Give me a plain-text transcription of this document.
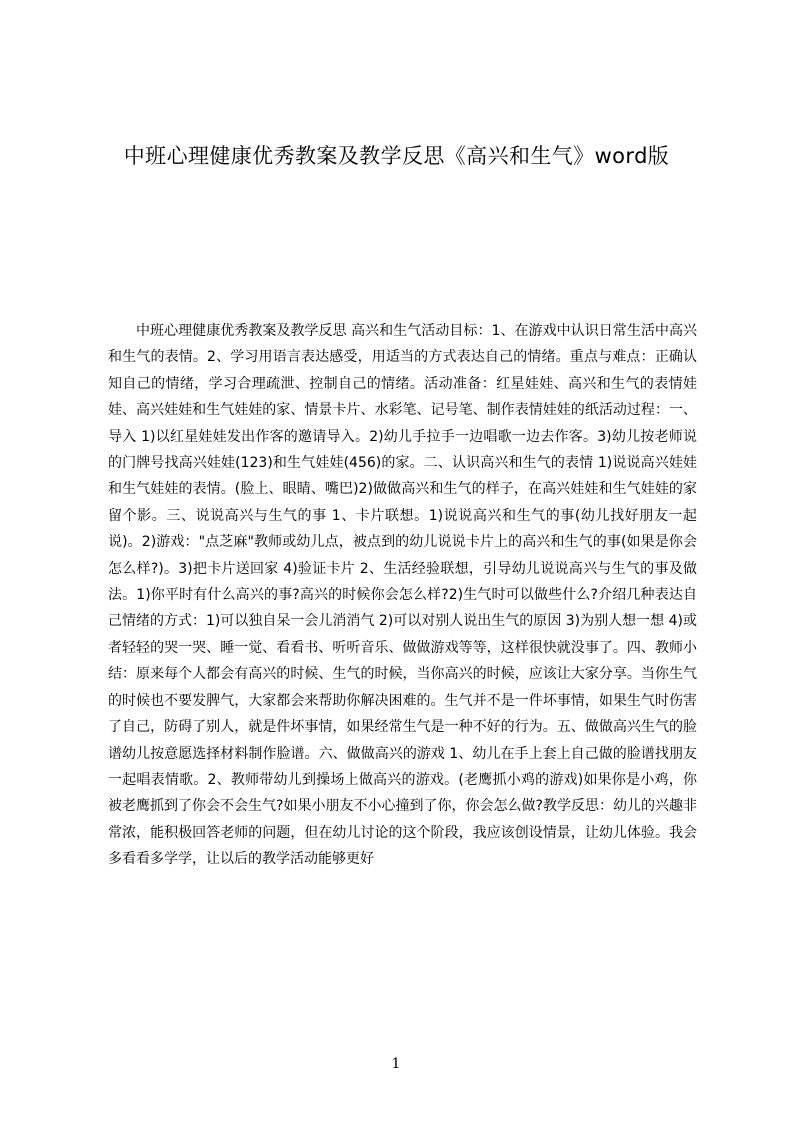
中班心理健康优秀教案及教学反思《高兴和生气》word版

中班心理健康优秀教案及教学反思 高兴和生气活动目标：1、在游戏中认识日常生活中高兴和生气的表情。2、学习用语言表达感受，用适当的方式表达自己的情绪。重点与难点：正确认知自己的情绪，学习合理疏泄、控制自己的情绪。活动准备：红星娃娃、高兴和生气的表情娃娃、高兴娃娃和生气娃娃的家、情景卡片、水彩笔、记号笔、制作表情娃娃的纸活动过程：一、导入 1)以红星娃娃发出作客的邀请导入。2)幼儿手拉手一边唱歌一边去作客。3)幼儿按老师说的门牌号找高兴娃娃(123)和生气娃娃(456)的家。二、认识高兴和生气的表情 1)说说高兴娃娃和生气娃娃的表情。(脸上、眼睛、嘴巴)2)做做高兴和生气的样子，在高兴娃娃和生气娃娃的家留个影。三、说说高兴与生气的事 1、卡片联想。1)说说高兴和生气的事(幼儿找好朋友一起说)。2)游戏："点芝麻"教师或幼儿点，被点到的幼儿说说卡片上的高兴和生气的事(如果是你会怎么样?)。3)把卡片送回家 4)验证卡片 2、生活经验联想，引导幼儿说说高兴与生气的事及做法。1)你平时有什么高兴的事?高兴的时候你会怎么样?2)生气时可以做些什么?介绍几种表达自己情绪的方式：1)可以独自呆一会儿消消气 2)可以对别人说出生气的原因 3)为别人想一想 4)或者轻轻的哭一哭、睡一觉、看看书、听听音乐、做做游戏等等，这样很快就没事了。四、教师小结：原来每个人都会有高兴的时候、生气的时候，当你高兴的时候，应该让大家分享。当你生气的时候也不要发脾气，大家都会来帮助你解决困难的。生气并不是一件坏事情，如果生气时伤害了自己，防碍了别人，就是件坏事情，如果经常生气是一种不好的行为。五、做做高兴生气的脸谱幼儿按意愿选择材料制作脸谱。六、做做高兴的游戏 1、幼儿在手上套上自己做的脸谱找朋友一起唱表情歌。2、教师带幼儿到操场上做高兴的游戏。(老鹰抓小鸡的游戏)如果你是小鸡，你被老鹰抓到了你会不会生气?如果小朋友不小心撞到了你，你会怎么做?教学反思：幼儿的兴趣非常浓，能积极回答老师的问题，但在幼儿讨论的这个阶段，我应该创设情景，让幼儿体验。我会多看看多学学，让以后的教学活动能够更好

1
